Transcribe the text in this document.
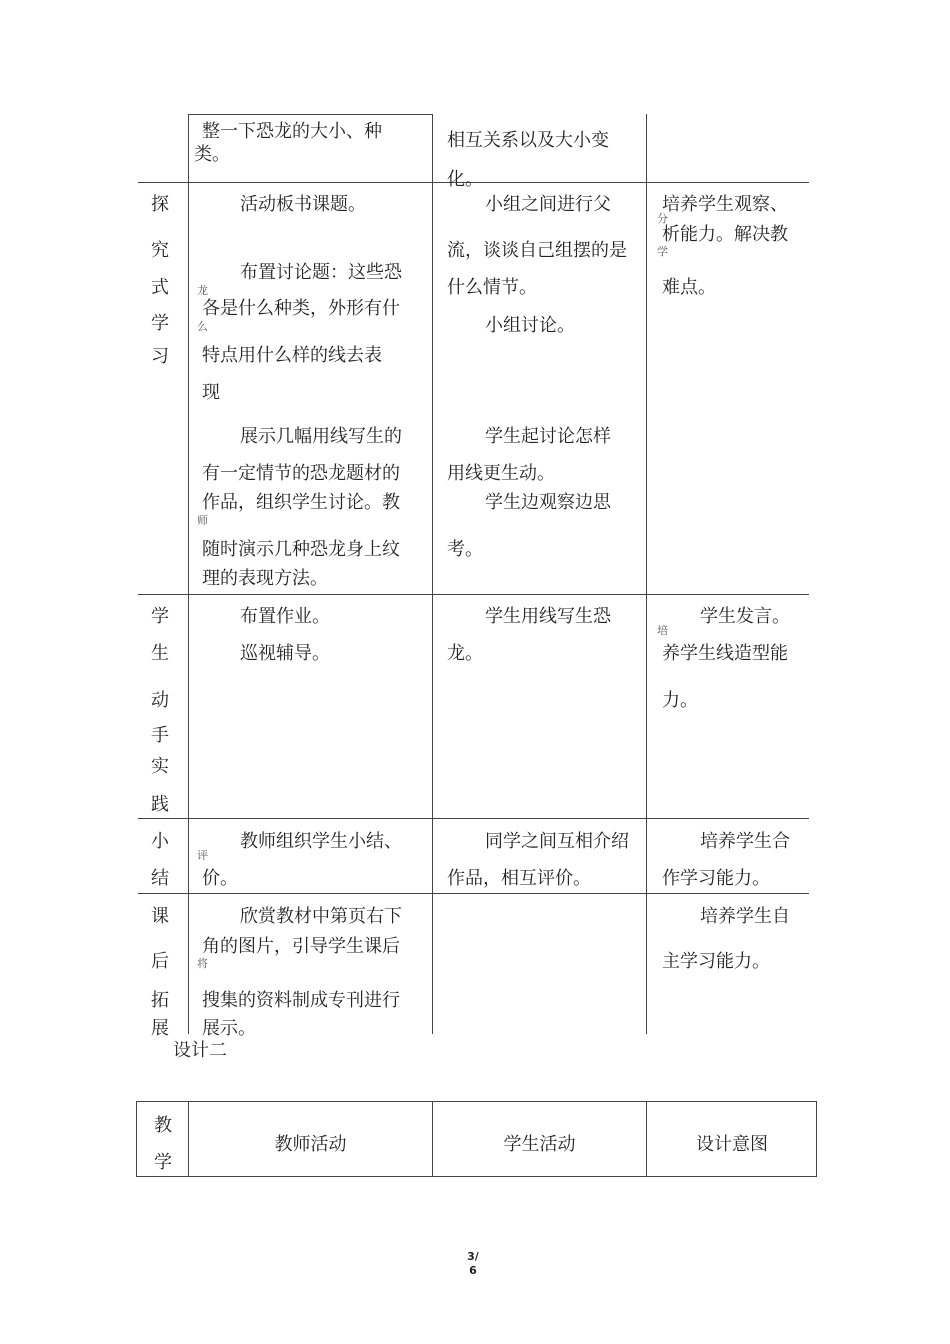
整一下恐龙的大小、种
类。
相互关系以及大小变
化。
探
究
式
学
习
活动板书课题。
布置讨论题：这些恐
龙
各是什么种类，外形有什
么
特点用什么样的线去表
现
展示几幅用线写生的
有一定情节的恐龙题材的
作品，组织学生讨论。教
师
随时演示几种恐龙身上纹
理的表现方法。
小组之间进行父
流，谈谈自己组摆的是
什么情节。
小组讨论。
学生起讨论怎样
用线更生动。
学生边观察边思
考。
培养学生观察、
分
析能力。解决教
学
难点。
学
生
动
手
实
践
布置作业。
巡视辅导。
学生用线写生恐
龙。
学生发言。
培
养学生线造型能
力。
小
结
教师组织学生小结、
评
价。
同学之间互相介绍
作品，相互评价。
培养学生合
作学习能力。
课
后
拓
展
欣赏教材中第页右下
角的图片，引导学生课后
将
搜集的资料制成专刊进行
展示。
培养学生自
主学习能力。
设计二
教
学
教师活动	学生活动	设计意图
3/
6
